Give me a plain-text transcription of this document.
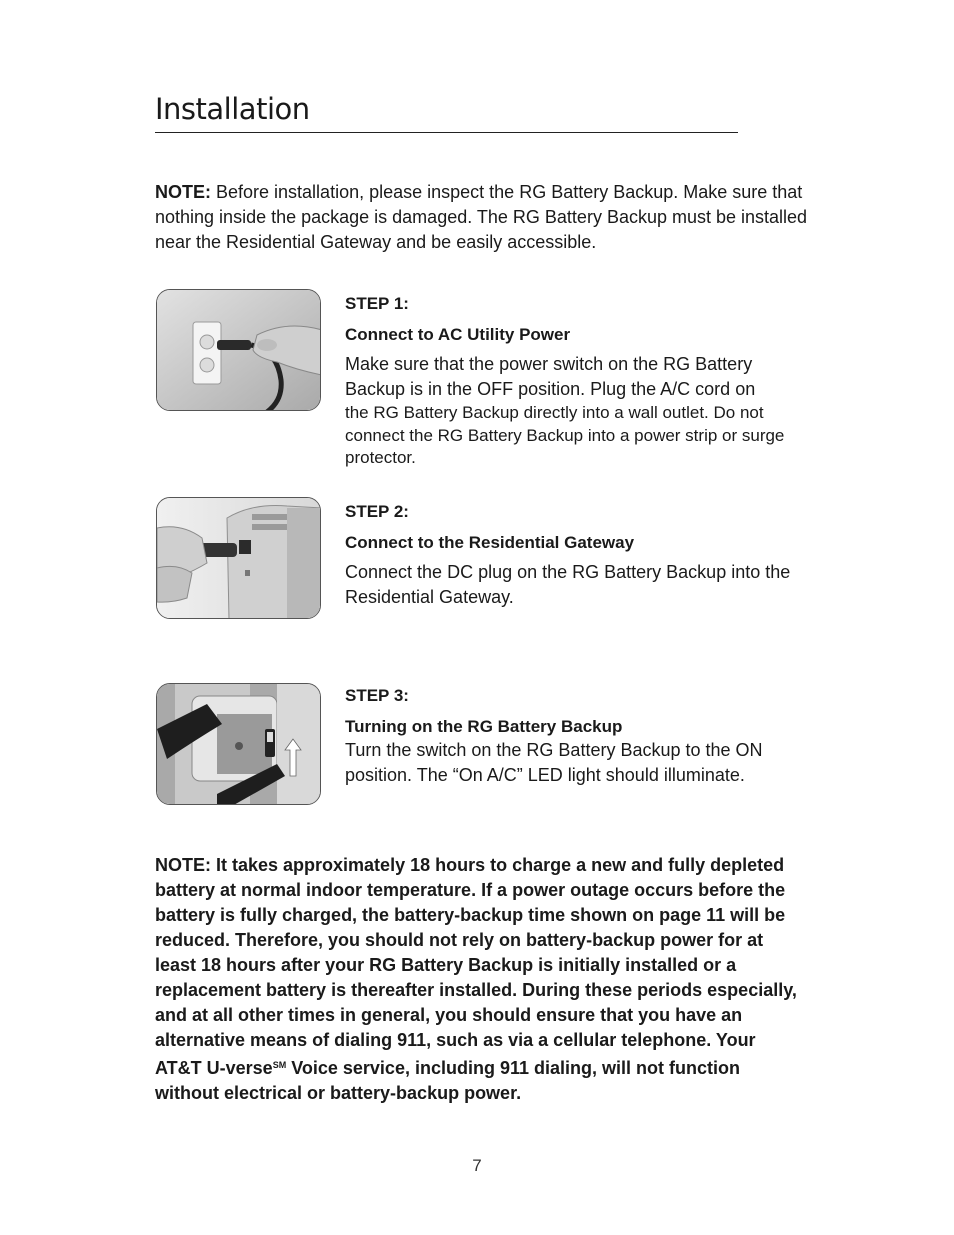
Installation
NOTE: Before installation, please inspect the RG Battery Backup. Make sure that nothing inside the package is damaged. The RG Battery Backup must be installed near the Residential Gateway and be easily accessible.
STEP 1:
Connect to AC Utility Power
Make sure that the power switch on the RG Battery Backup is in the OFF position. Plug the A/C cord on
the RG Battery Backup directly into a wall outlet. Do not connect the RG Battery Backup into a power strip or surge protector.
STEP 2:
Connect to the Residential Gateway
Connect the DC plug on the RG Battery Backup into the Residential Gateway.
STEP 3:
Turning on the RG Battery Backup
Turn the switch on the RG Battery Backup to the ON position. The “On A/C” LED light should illuminate.
NOTE: It takes approximately 18 hours to charge a new and fully depleted battery at normal indoor temperature. If a power outage occurs before the battery is fully charged, the battery-backup time shown on page 11 will be reduced. Therefore, you should not rely on battery-backup power for at least 18 hours after your RG Battery Backup is initially installed or a replacement battery is thereafter installed. During these periods especially, and at all other times in general, you should ensure that you have an alternative means of dialing 911, such as via a cellular telephone. Your AT&T U-verse℠ Voice service, including 911 dialing, will not function without electrical or battery-backup power.
7
